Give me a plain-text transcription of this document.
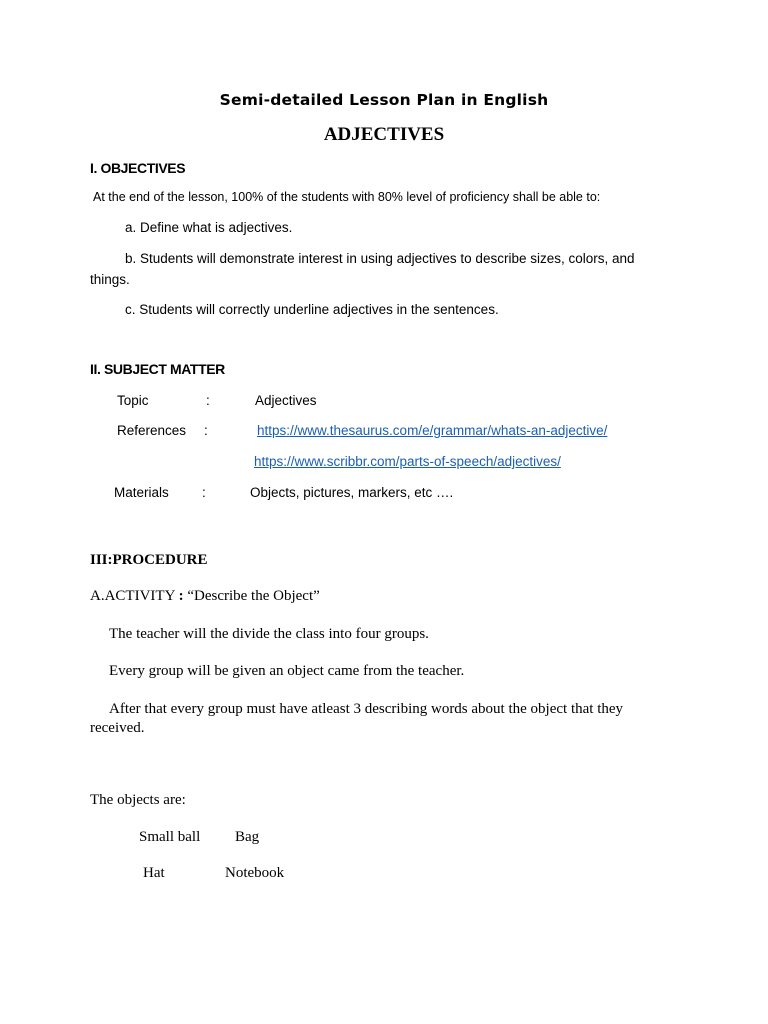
Semi-detailed Lesson Plan in English
ADJECTIVES
I. OBJECTIVES
At the end of the lesson, 100% of the students with 80% level of proficiency shall be able to:
a. Define what is adjectives.
b. Students will demonstrate interest in using adjectives to describe sizes, colors, and things.
c. Students will correctly underline adjectives in the sentences.
II. SUBJECT MATTER
Topic	:	Adjectives
References :	https://www.thesaurus.com/e/grammar/whats-an-adjective/
https://www.scribbr.com/parts-of-speech/adjectives/
Materials :	Objects, pictures, markers, etc ….
III:PROCEDURE
A.ACTIVITY : “Describe the Object”
The teacher will the divide the class into four groups.
Every group will be given an object came from the teacher.
After that every group must have atleast 3 describing words about the object that they received.
The objects are:
Small ball Bag
Hat	Notebook
